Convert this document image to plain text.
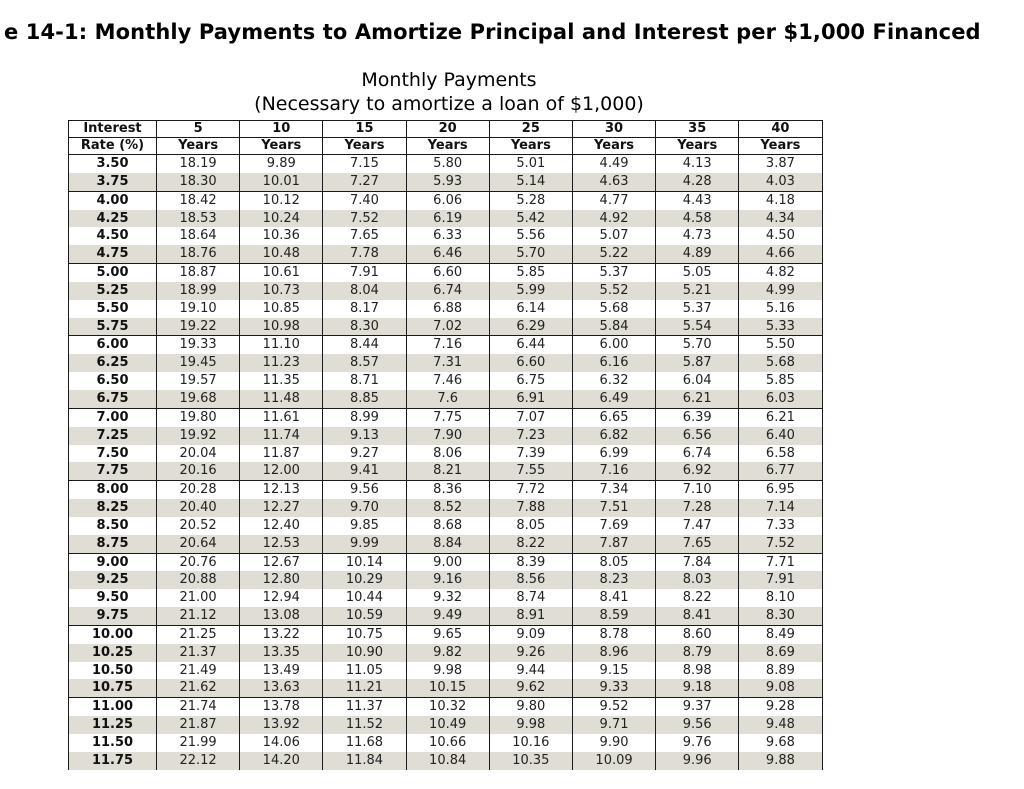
e 14-1: Monthly Payments to Amortize Principal and Interest per $1,000 Financed
Monthly Payments
(Necessary to amortize a loan of $1,000)
Interest	5	10	15	20	25	30	35	40
Rate (%)	Years	Years	Years	Years	Years	Years	Years	Years
3.50	18.19	9.89	7.15	5.80	5.01	4.49	4.13	3.87
3.75	18.30	10.01	7.27	5.93	5.14	4.63	4.28	4.03
4.00	18.42	10.12	7.40	6.06	5.28	4.77	4.43	4.18
4.25	18.53	10.24	7.52	6.19	5.42	4.92	4.58	4.34
4.50	18.64	10.36	7.65	6.33	5.56	5.07	4.73	4.50
4.75	18.76	10.48	7.78	6.46	5.70	5.22	4.89	4.66
5.00	18.87	10.61	7.91	6.60	5.85	5.37	5.05	4.82
5.25	18.99	10.73	8.04	6.74	5.99	5.52	5.21	4.99
5.50	19.10	10.85	8.17	6.88	6.14	5.68	5.37	5.16
5.75	19.22	10.98	8.30	7.02	6.29	5.84	5.54	5.33
6.00	19.33	11.10	8.44	7.16	6.44	6.00	5.70	5.50
6.25	19.45	11.23	8.57	7.31	6.60	6.16	5.87	5.68
6.50	19.57	11.35	8.71	7.46	6.75	6.32	6.04	5.85
6.75	19.68	11.48	8.85	7.6	6.91	6.49	6.21	6.03
7.00	19.80	11.61	8.99	7.75	7.07	6.65	6.39	6.21
7.25	19.92	11.74	9.13	7.90	7.23	6.82	6.56	6.40
7.50	20.04	11.87	9.27	8.06	7.39	6.99	6.74	6.58
7.75	20.16	12.00	9.41	8.21	7.55	7.16	6.92	6.77
8.00	20.28	12.13	9.56	8.36	7.72	7.34	7.10	6.95
8.25	20.40	12.27	9.70	8.52	7.88	7.51	7.28	7.14
8.50	20.52	12.40	9.85	8.68	8.05	7.69	7.47	7.33
8.75	20.64	12.53	9.99	8.84	8.22	7.87	7.65	7.52
9.00	20.76	12.67	10.14	9.00	8.39	8.05	7.84	7.71
9.25	20.88	12.80	10.29	9.16	8.56	8.23	8.03	7.91
9.50	21.00	12.94	10.44	9.32	8.74	8.41	8.22	8.10
9.75	21.12	13.08	10.59	9.49	8.91	8.59	8.41	8.30
10.00	21.25	13.22	10.75	9.65	9.09	8.78	8.60	8.49
10.25	21.37	13.35	10.90	9.82	9.26	8.96	8.79	8.69
10.50	21.49	13.49	11.05	9.98	9.44	9.15	8.98	8.89
10.75	21.62	13.63	11.21	10.15	9.62	9.33	9.18	9.08
11.00	21.74	13.78	11.37	10.32	9.80	9.52	9.37	9.28
11.25	21.87	13.92	11.52	10.49	9.98	9.71	9.56	9.48
11.50	21.99	14.06	11.68	10.66	10.16	9.90	9.76	9.68
11.75	22.12	14.20	11.84	10.84	10.35	10.09	9.96	9.88
